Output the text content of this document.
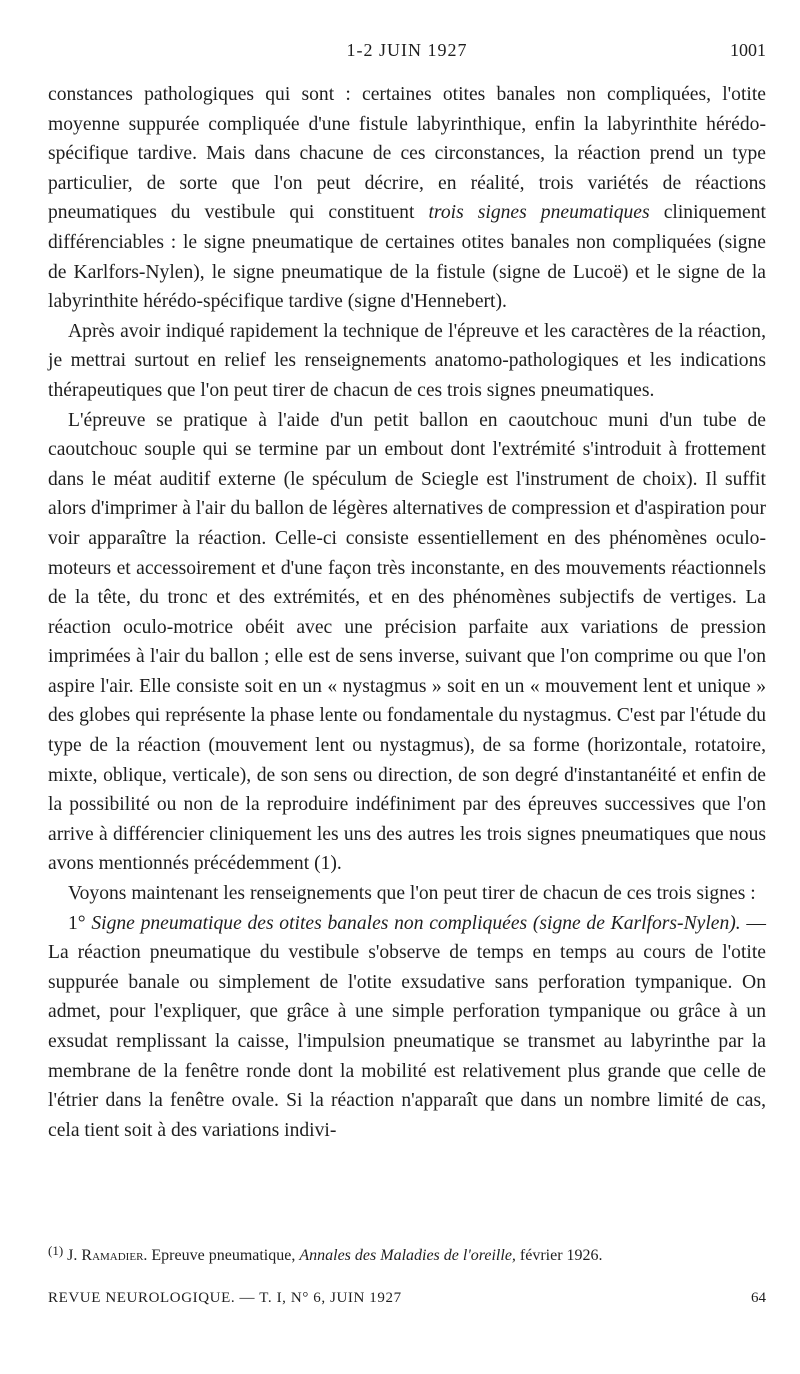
1-2 JUIN 1927	1001

constances pathologiques qui sont : certaines otites banales non compliquées, l'otite moyenne suppurée compliquée d'une fistule labyrinthique, enfin la labyrinthite hérédo-spécifique tardive. Mais dans chacune de ces circonstances, la réaction prend un type particulier, de sorte que l'on peut décrire, en réalité, trois variétés de réactions pneumatiques du vestibule qui constituent trois signes pneumatiques cliniquement différenciables : le signe pneumatique de certaines otites banales non compliquées (signe de Karlfors-Nylen), le signe pneumatique de la fistule (signe de Lucoë) et le signe de la labyrinthite hérédo-spécifique tardive (signe d'Hennebert).

Après avoir indiqué rapidement la technique de l'épreuve et les caractères de la réaction, je mettrai surtout en relief les renseignements anatomo-pathologiques et les indications thérapeutiques que l'on peut tirer de chacun de ces trois signes pneumatiques.

L'épreuve se pratique à l'aide d'un petit ballon en caoutchouc muni d'un tube de caoutchouc souple qui se termine par un embout dont l'extrémité s'introduit à frottement dans le méat auditif externe (le spéculum de Sciegle est l'instrument de choix). Il suffit alors d'imprimer à l'air du ballon de légères alternatives de compression et d'aspiration pour voir apparaître la réaction. Celle-ci consiste essentiellement en des phénomènes oculo-moteurs et accessoirement et d'une façon très inconstante, en des mouvements réactionnels de la tête, du tronc et des extrémités, et en des phénomènes subjectifs de vertiges. La réaction oculo-motrice obéit avec une précision parfaite aux variations de pression imprimées à l'air du ballon ; elle est de sens inverse, suivant que l'on comprime ou que l'on aspire l'air. Elle consiste soit en un « nystagmus » soit en un « mouvement lent et unique » des globes qui représente la phase lente ou fondamentale du nystagmus. C'est par l'étude du type de la réaction (mouvement lent ou nystagmus), de sa forme (horizontale, rotatoire, mixte, oblique, verticale), de son sens ou direction, de son degré d'instantanéité et enfin de la possibilité ou non de la reproduire indéfiniment par des épreuves successives que l'on arrive à différencier cliniquement les uns des autres les trois signes pneumatiques que nous avons mentionnés précédemment (1).

Voyons maintenant les renseignements que l'on peut tirer de chacun de ces trois signes :

1° Signe pneumatique des otites banales non compliquées (signe de Karlfors-Nylen). — La réaction pneumatique du vestibule s'observe de temps en temps au cours de l'otite suppurée banale ou simplement de l'otite exsudative sans perforation tympanique. On admet, pour l'expliquer, que grâce à une simple perforation tympanique ou grâce à un exsudat remplissant la caisse, l'impulsion pneumatique se transmet au labyrinthe par la membrane de la fenêtre ronde dont la mobilité est relativement plus grande que celle de l'étrier dans la fenêtre ovale. Si la réaction n'apparaît que dans un nombre limité de cas, cela tient soit à des variations indivi-

$^{(1)}$ J. Ramadier. Epreuve pneumatique, Annales des Maladies de l'oreille, février 1926.
REVUE NEUROLOGIQUE. — T. I, N° 6, JUIN 1927	64
